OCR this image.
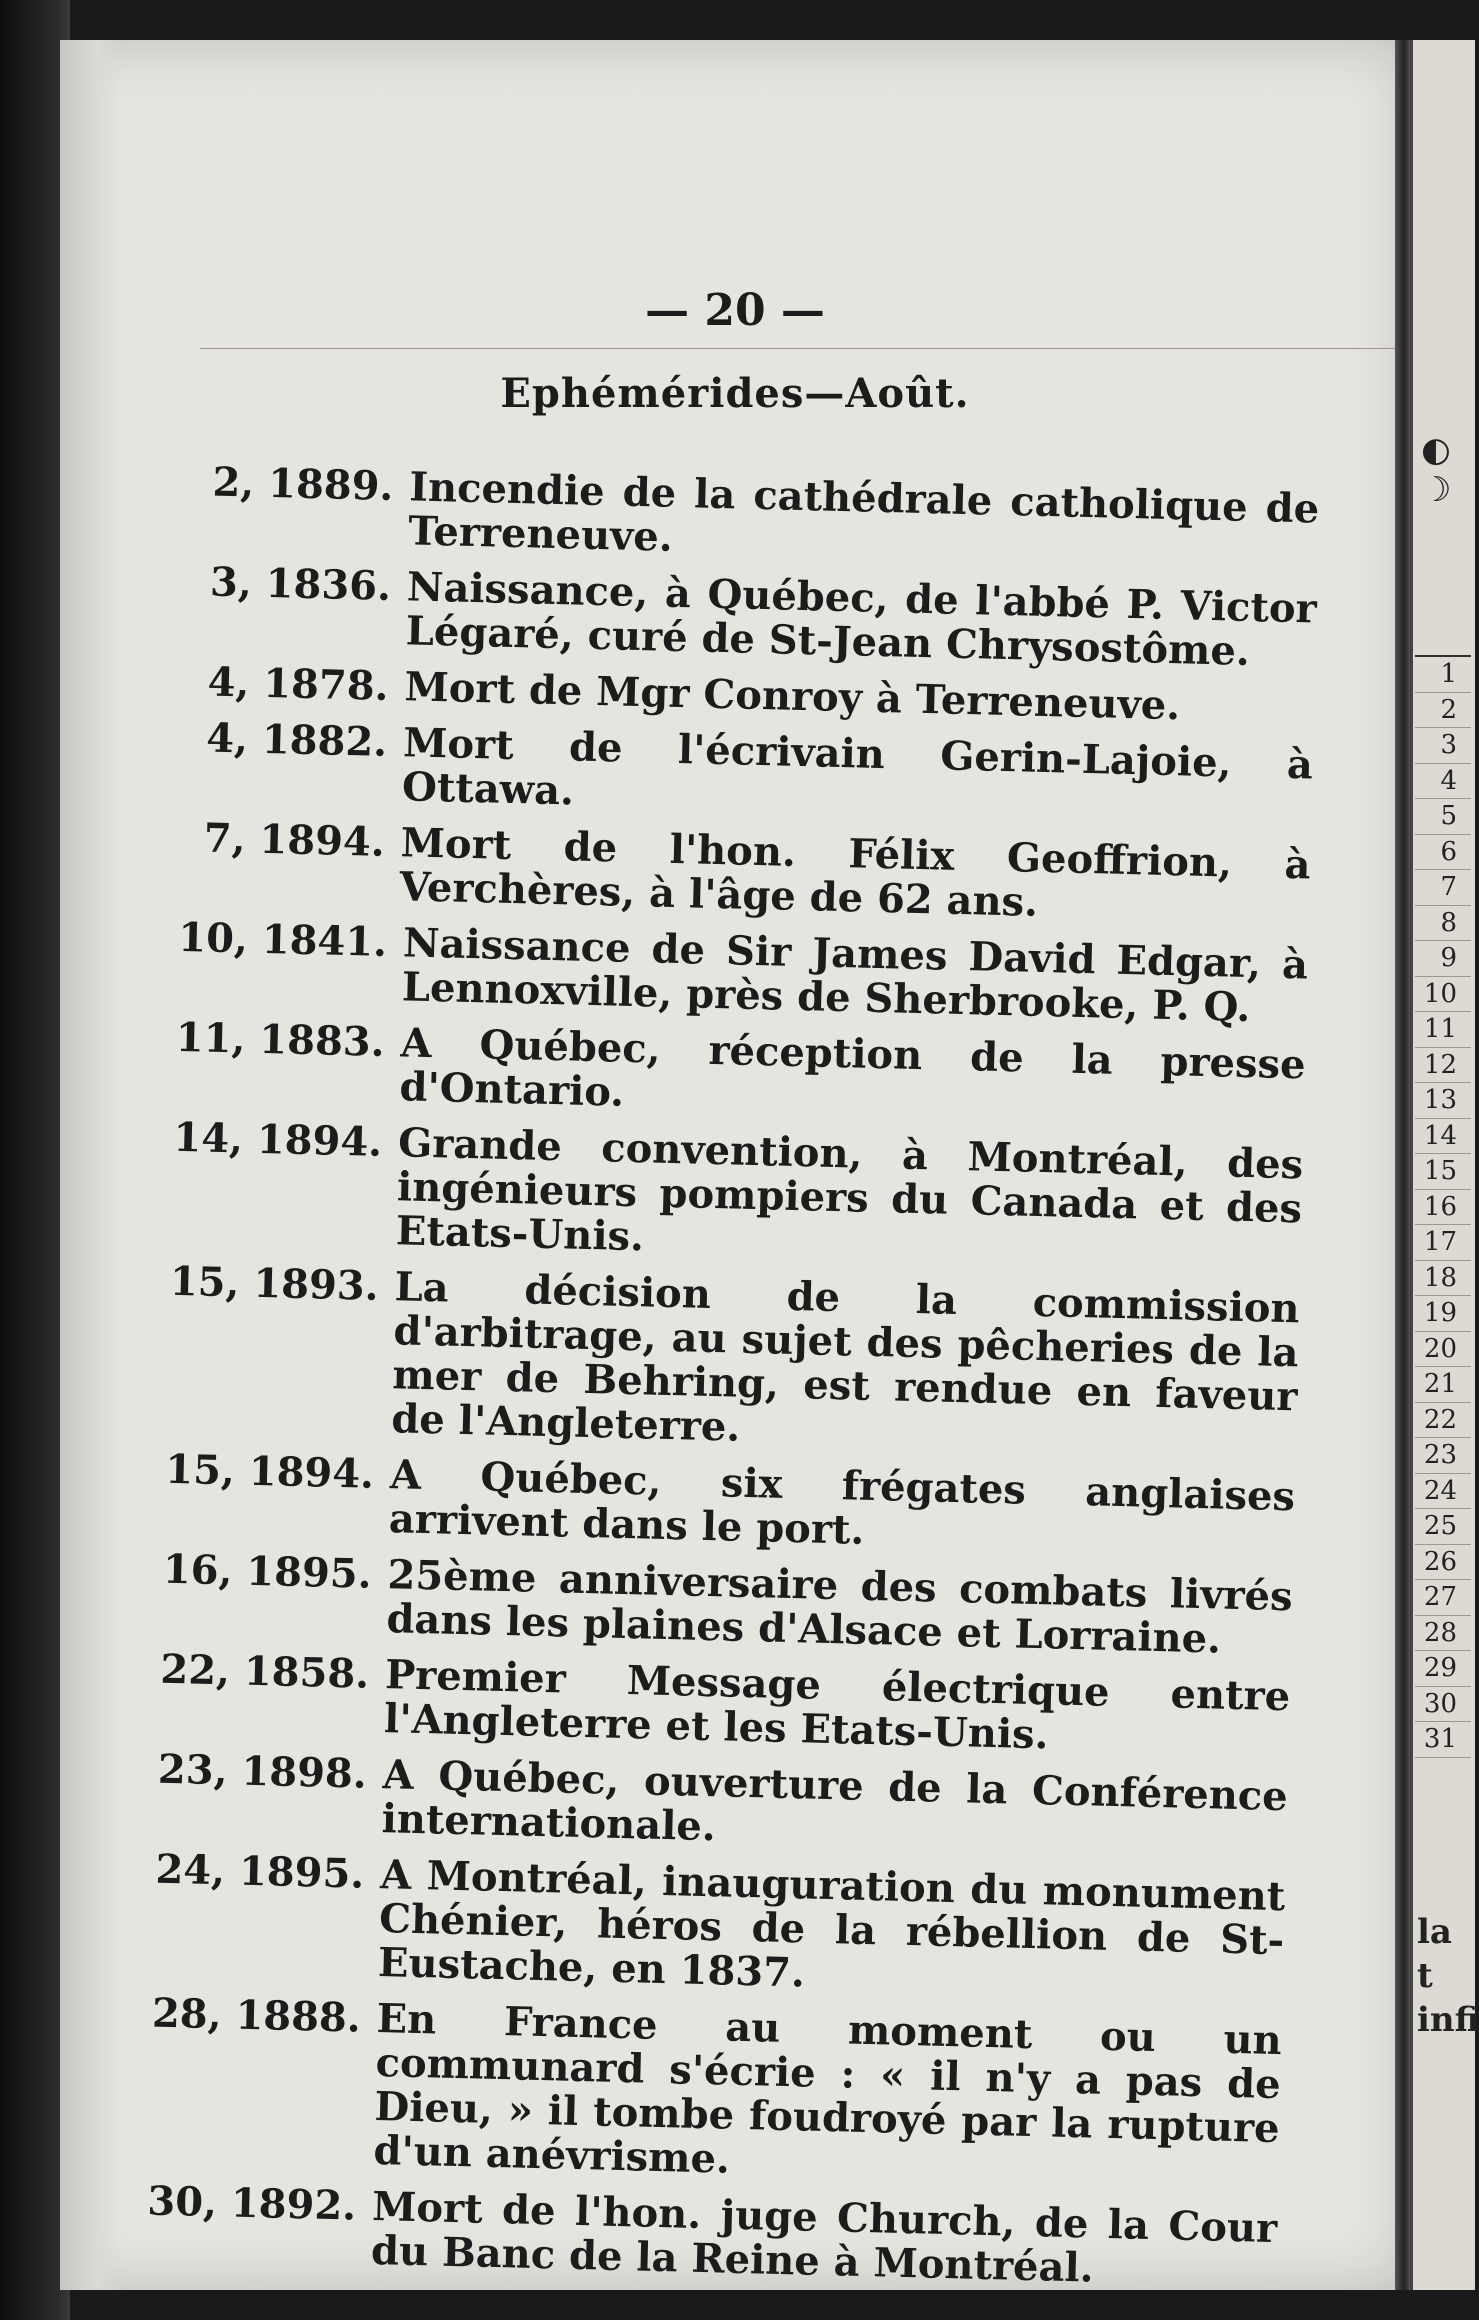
— 20 —
Ephémérides—Août.
2, 1889. Incendie de la cathédrale catholique de Terreneuve.
3, 1836. Naissance, à Québec, de l'abbé P. Victor Légaré, curé de St-Jean Chrysostôme.
4, 1878. Mort de Mgr Conroy à Terreneuve.
4, 1882. Mort de l'écrivain Gerin-Lajoie, à Ottawa.
7, 1894. Mort de l'hon. Félix Geoffrion, à Verchères, à l'âge de 62 ans.
10, 1841. Naissance de Sir James David Edgar, à Lennoxville, près de Sherbrooke, P. Q.
11, 1883. A Québec, réception de la presse d'Ontario.
14, 1894. Grande convention, à Montréal, des ingénieurs pompiers du Canada et des Etats-Unis.
15, 1893. La décision de la commission d'arbitrage, au sujet des pêcheries de la mer de Behring, est rendue en faveur de l'Angleterre.
15, 1894. A Québec, six frégates anglaises arrivent dans le port.
16, 1895. 25ème anniversaire des combats livrés dans les plaines d'Alsace et Lorraine.
22, 1858. Premier Message électrique entre l'Angleterre et les Etats-Unis.
23, 1898. A Québec, ouverture de la Conférence internationale.
24, 1895. A Montréal, inauguration du monument Chénier, héros de la rébellion de St-Eustache, en 1837.
28, 1888. En France au moment ou un communard s'écrie : « il n'y a pas de Dieu, » il tombe foudroyé par la rupture d'un anévrisme.
30, 1892. Mort de l'hon. juge Church, de la Cour du Banc de la Reine à Montréal.
◐
☽
1
2
3
4
5
6
7
8
9
10
11
12
13
14
15
16
17
18
19
20
21
22
23
24
25
26
27
28
29
30
31
la t
infi
